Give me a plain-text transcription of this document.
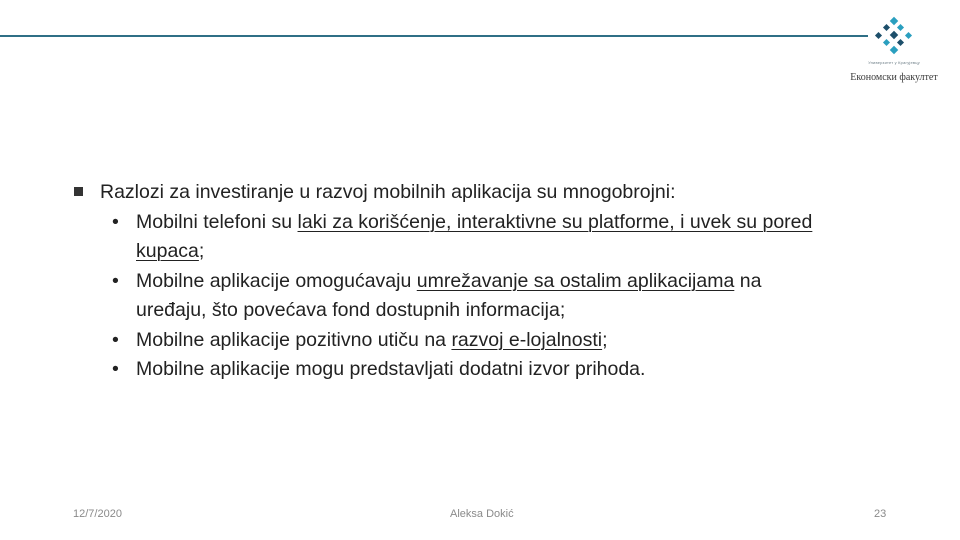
Универзитет у Крагујевцу
Економски факултет
Razlozi za investiranje u razvoj mobilnih aplikacija su mnogobrojni:
• Mobilni telefoni su laki za korišćenje, interaktivne su platforme, i uvek su pored kupaca;
• Mobilne aplikacije omogućavaju umrežavanje sa ostalim aplikacijama na uređaju, što povećava fond dostupnih informacija;
• Mobilne aplikacije pozitivno utiču na razvoj e-lojalnosti;
• Mobilne aplikacije mogu predstavljati dodatni izvor prihoda.
12/7/2020	Aleksa Dokić	23
